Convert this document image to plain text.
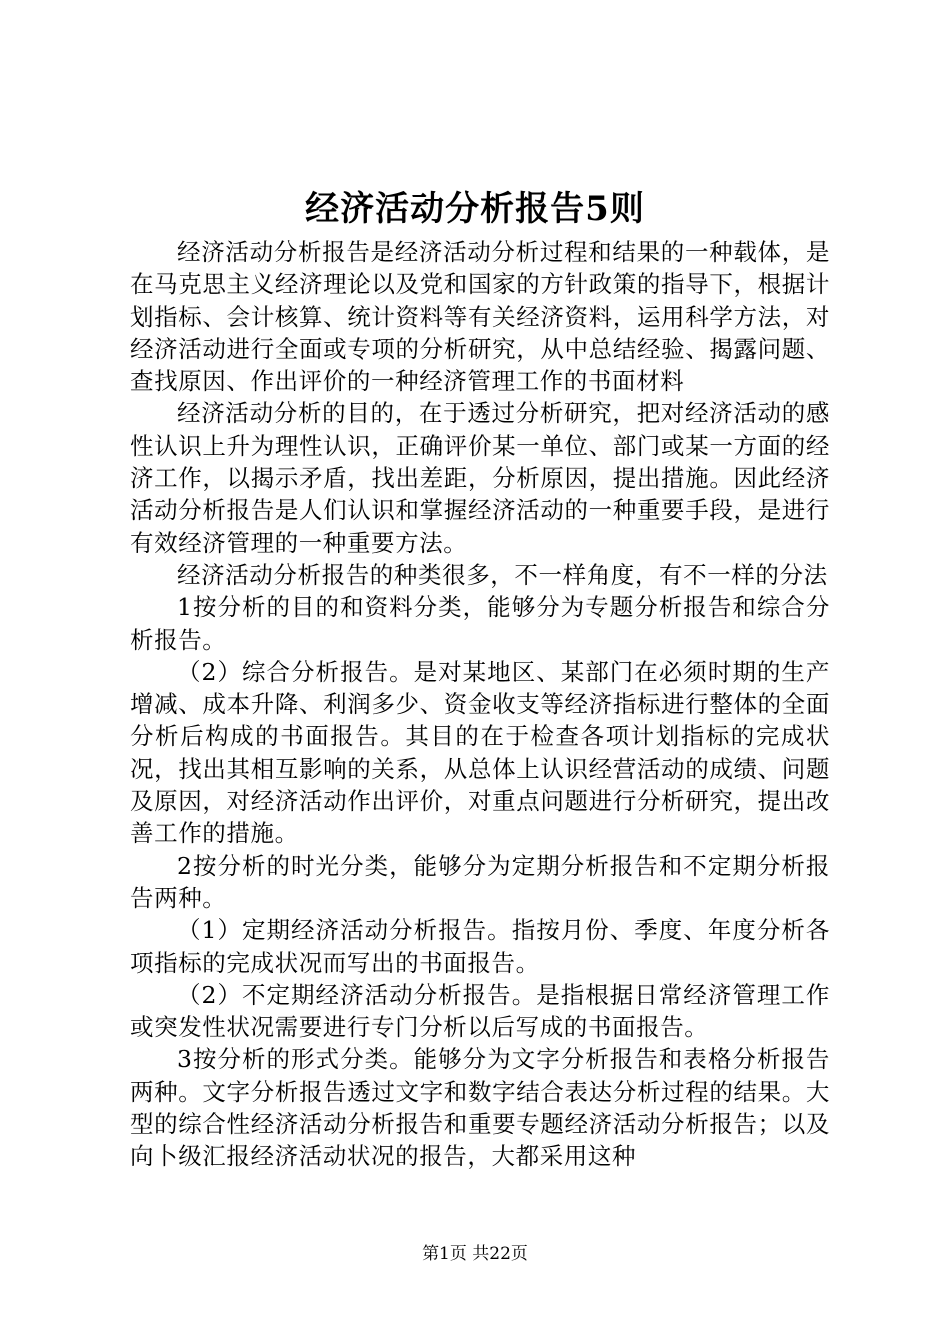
经济活动分析报告5则

经济活动分析报告是经济活动分析过程和结果的一种载体，是在马克思主义经济理论以及党和国家的方针政策的指导下，根据计划指标、会计核算、统计资料等有关经济资料，运用科学方法，对经济活动进行全面或专项的分析研究，从中总结经验、揭露问题、查找原因、作出评价的一种经济管理工作的书面材料

经济活动分析的目的，在于透过分析研究，把对经济活动的感性认识上升为理性认识，正确评价某一单位、部门或某一方面的经济工作，以揭示矛盾，找出差距，分析原因，提出措施。因此经济活动分析报告是人们认识和掌握经济活动的一种重要手段，是进行有效经济管理的一种重要方法。

经济活动分析报告的种类很多，不一样角度，有不一样的分法

1按分析的目的和资料分类，能够分为专题分析报告和综合分析报告。

（2）综合分析报告。是对某地区、某部门在必须时期的生产增减、成本升降、利润多少、资金收支等经济指标进行整体的全面分析后构成的书面报告。其目的在于检查各项计划指标的完成状况，找出其相互影响的关系，从总体上认识经营活动的成绩、问题及原因，对经济活动作出评价，对重点问题进行分析研究，提出改善工作的措施。

2按分析的时光分类，能够分为定期分析报告和不定期分析报告两种。

（1）定期经济活动分析报告。指按月份、季度、年度分析各项指标的完成状况而写出的书面报告。

（2）不定期经济活动分析报告。是指根据日常经济管理工作或突发性状况需要进行专门分析以后写成的书面报告。

3按分析的形式分类。能够分为文字分析报告和表格分析报告两种。文字分析报告透过文字和数字结合表达分析过程的结果。大型的综合性经济活动分析报告和重要专题经济活动分析报告；以及向卜级汇报经济活动状况的报告，大都采用这种

第1页 共22页
